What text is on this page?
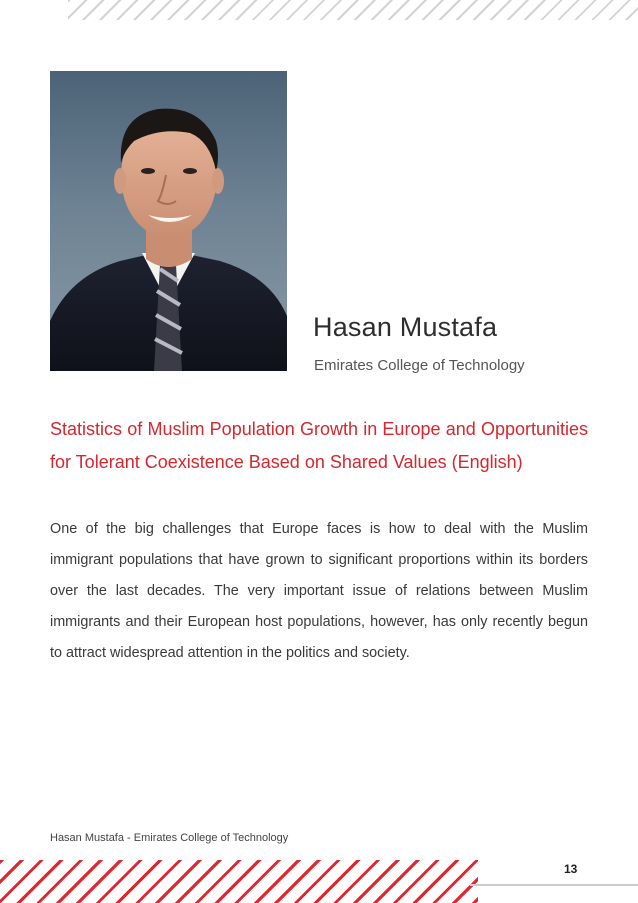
Hasan Mustafa
Emirates College of Technology
Statistics of Muslim Population Growth in Europe and Opportunities for Tolerant Coexistence Based on Shared Values (English)

One of the big challenges that Europe faces is how to deal with the Muslim immigrant populations that have grown to significant proportions within its borders over the last decades. The very important issue of relations between Muslim immigrants and their European host populations, however, has only recently begun to attract widespread attention in the politics and society.

Hasan Mustafa - Emirates College of Technology
13
